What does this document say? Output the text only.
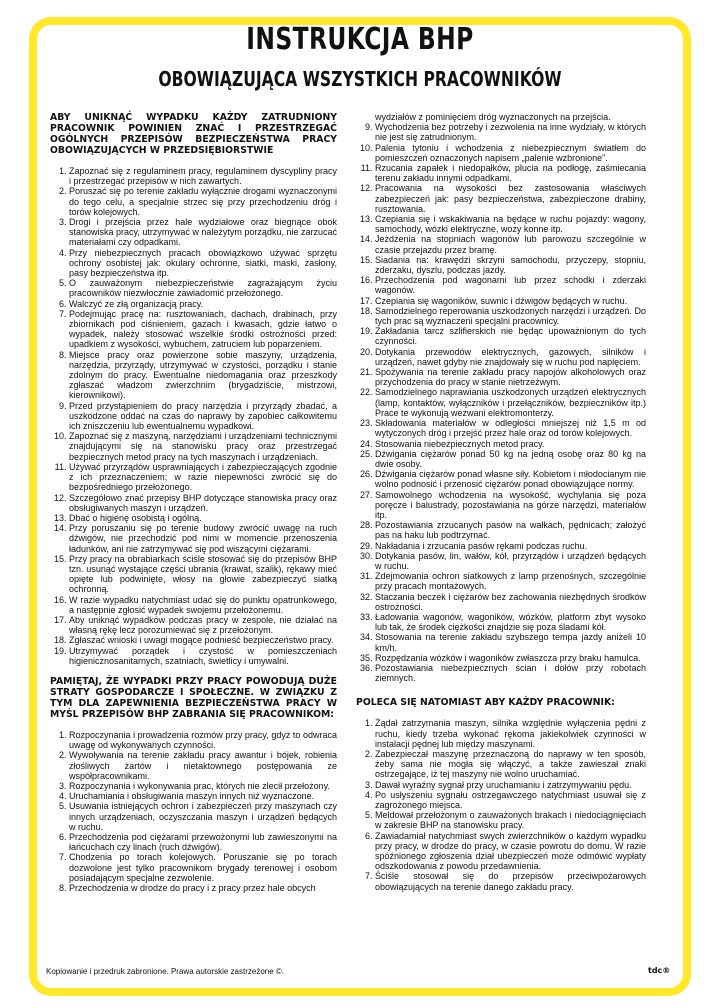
INSTRUKCJA BHP
OBOWIĄZUJĄCA WSZYSTKICH PRACOWNIKÓW
ABY UNIKNĄĆ WYPADKU KAŻDY ZATRUDNIONY PRACOWNIK POWINIEN ZNAĆ I PRZESTRZEGAĆ OGÓLNYCH PRZEPISÓW BEZPIECZEŃSTWA PRACY OBOWIĄZUJĄCYCH W PRZEDSIĘBIORSTWIE
1. Zapoznać się z regulaminem pracy, regulaminem dyscypliny pracy i przestrzegać przepisów w nich zawartych.
2. Poruszać się po terenie zakładu wyłącznie drogami wyznaczonymi do tego celu, a specjalnie strzec się przy przechodzeniu dróg i torów kolejowych.
3. Drogi i przejścia przez hale wydziałowe oraz biegnące obok stanowiska pracy, utrzymywać w należytym porządku, nie zarzucać materiałami czy odpadkami.
4. Przy niebezpiecznych pracach obowiązkowo używać sprzętu ochrony osobistej jak: okulary ochronne, siatki, maski, zasłony, pasy bezpieczeństwa itp.
5. O zauważonym niebezpieczeństwie zagrażającym życiu pracowników niezwłocznie zawiadomić przełożonego.
6. Walczyć ze złą organizacją pracy.
7. Podejmując pracę na: rusztowaniach, dachach, drabinach, przy zbiornikach pod ciśnieniem, gazach i kwasach, gdzie łatwo o wypadek, należy stosować wszelkie środki ostrożności przed: upadkiem z wysokości, wybuchem, zatruciem lub poparzeniem.
8. Miejsce pracy oraz powierzone sobie maszyny, urządzenia, narzędzia, przyrządy, utrzymywać w czystości, porządku i stanie zdolnym do pracy. Ewentualne niedomagania oraz przeszkody zgłaszać władzom zwierzchnim (brygadziście, mistrzowi, kierownikowi).
9. Przed przystąpieniem do pracy narzędzia i przyrządy zbadać, a uszkodzone oddać na czas do naprawy by zapobiec całkowitemu ich zniszczeniu lub ewentualnemu wypadkowi.
10. Zapoznać się z maszyną, narzędziami i urządzeniami technicznymi znajdującymi się na stanowisku pracy oraz przestrzegać bezpiecznych metod pracy na tych maszynach i urządzeniach.
11. Używać przyrządów usprawniających i zabezpieczających zgodnie z ich przeznaczeniem; w razie niepewności zwrócić się do bezpośredniego przełożonego.
12. Szczegółowo znać przepisy BHP dotyczące stanowiska pracy oraz obsługiwanych maszyn i urządzeń.
13. Dbać o higienę osobistą i ogólną.
14. Przy poruszaniu się po terenie budowy zwrócić uwagę na ruch dźwigów, nie przechodzić pod nimi w momencie przenoszenia ładunków, ani nie zatrzymywać się pod wiszącymi ciężarami.
15. Przy pracy na obrabiarkach ściśle stosować się do przepisów BHP tzn. usunąć wystające części ubrania (krawat, szalik), rękawy mieć opięte lub podwinięte, włosy na głowie zabezpieczyć siatką ochronną.
16. W razie wypadku natychmiast udać się do punktu opatrunkowego, a następnie zgłosić wypadek swojemu przełożonemu.
17. Aby uniknąć wypadków podczas pracy w zespole, nie działać na własną rękę lecz porozumiewać się z przełożonym.
18. Zgłaszać wnioski i uwagi mogące podnieść bezpieczeństwo pracy.
19. Utrzymywać porządek i czystość w pomieszczeniach higienicznosanitarnych, szatniach, świetlicy i umywalni.
PAMIĘTAJ, ŻE WYPADKI PRZY PRACY POWODUJĄ DUŻE STRATY GOSPODARCZE I SPOŁECZNE. W ZWIĄZKU Z TYM DLA ZAPEWNIENIA BEZPIECZEŃSTWA PRACY W MYŚL PRZEPISÓW BHP ZABRANIA SIĘ PRACOWNIKOM:
1. Rozpoczynania i prowadzenia rozmów przy pracy, gdyż to odwraca uwagę od wykonywanych czynności.
2. Wywoływania na terenie zakładu pracy awantur i bójek, robienia złośliwych żartów i nietaktownego postępowania ze współpracownikami.
3. Rozpoczynania i wykonywania prac, których nie zlecił przełożony.
4. Uruchamiania i obsługiwania maszyn innych niż wyznaczone.
5. Usuwania istniejących ochron i zabezpieczeń przy maszynach czy innych urządzeniach, oczyszczania maszyn i urządzeń będących w ruchu.
6. Przechodzenia pod ciężarami przewożonymi lub zawieszonymi na łańcuchach czy linach (ruch dźwigów).
7. Chodzenia po torach kolejowych. Poruszanie się po torach dozwolone jest tylko pracownikom brygady terenowej i osobom posiadającym specjalne zezwolenie.
8. Przechodzenia w drodze do pracy i z pracy przez hale obcych
wydziałów z pominięciem dróg wyznaczonych na przejścia.
9. Wychodzenia bez potrzeby i zezwolenia na inne wydziały, w których nie jest się zatrudnionym.
10. Palenia tytoniu i wchodzenia z niebezpiecznym światłem do pomieszczeń oznaczonych napisem „palenie wzbronione”.
11. Rzucania zapałek i niedopałków, plucia na podłogę, zaśmiecania terenu zakładu innymi odpadkami.
12. Pracowania na wysokości bez zastosowania właściwych zabezpieczeń jak: pasy bezpieczeństwa, zabezpieczone drabiny, rusztowania.
13. Czepiania się i wskakiwania na będące w ruchu pojazdy: wagony, samochody, wózki elektryczne, wozy konne itp.
14. Jeżdżenia na stopniach wagonów lub parowozu szczególnie w czasie przejazdu przez bramę.
15. Siadania na: krawędzi skrzyni samochodu, przyczepy, stopniu, zderzaku, dyszlu, podczas jazdy.
16. Przechodzenia pod wagonami lub przez schodki i zderzaki wagonów.
17. Czepiania się wagoników, suwnic i dźwigów będących w ruchu.
18. Samodzielnego reperowania uszkodzonych narzędzi i urządzeń. Do tych prac są wyznaczeni specjalni pracownicy.
19. Zakładania tarcz szlifierskich nie będąc upoważnionym do tych czynności.
20. Dotykania przewodów elektrycznych, gazowych, silników i urządzeń, nawet gdyby nie znajdowały się w ruchu pod napięciem.
21. Spożywania na terenie zakładu pracy napojów alkoholowych oraz przychodzenia do pracy w stanie nietrzeźwym.
22. Samodzielnego naprawiania uszkodzonych urządzeń elektrycznych (lamp, kontaktów, wyłączników i przełączników, bezpieczników itp.) Prace te wykonują wezwani elektromonterzy.
23. Składowania materiałów w odległości mniejszej niż 1,5 m od wytyczonych dróg i przejść przez hale oraz od torów kolejowych.
24. Stosowania niebezpiecznych metod pracy.
25. Dźwigania ciężarów ponad 50 kg na jedną osobę oraz 80 kg na dwie osoby.
26. Dźwigania ciężarów ponad własne siły. Kobietom i młodocianym nie wolno podnosić i przenosić ciężarów ponad obowiązujące normy.
27. Samowolnego wchodzenia na wysokość, wychylania się poza poręcze i balustrady, pozostawiania na górze narzędzi, materiałów itp.
28. Pozostawiania zrzucanych pasów na wałkach, pędnicach; założyć pas na haku lub podtrzymać.
29. Nakładania i zrzucania pasów rękami podczas ruchu.
30. Dotykania pasów, lin, wałów, kół, przyrządów i urządzeń będących w ruchu.
31. Zdejmowania ochron siatkowych z lamp przenośnych, szczególnie przy pracach montażowych.
32. Staczania beczek i ciężarów bez zachowania niezbędnych środków ostrożności.
33. Ładowania wagonów, wagoników, wózków, platform zbyt wysoko lub tak, że środek ciężkości znajdzie się poza śladami kół.
34. Stosowania na terenie zakładu szybszego tempa jazdy aniżeli 10 km/h.
35. Rozpędzania wózków i wagoników zwłaszcza przy braku hamulca.
36. Pozostawiania niebezpiecznych ścian i dołów przy robotach ziemnych.
POLECA SIĘ NATOMIAST ABY KAŻDY PRACOWNIK:
1. Żądał zatrzymania maszyn, silnika względnie wyłączenia pędni z ruchu, kiedy trzeba wykonać rękoma jakiekolwiek czynności w instalacji pędnej lub między maszynami.
2. Zabezpieczał maszynę przeznaczoną do naprawy w ten sposób, żeby sama nie mogła się włączyć, a także zawieszał znaki ostrzegające, iż tej maszyny nie wolno uruchamiać.
3. Dawał wyraźny sygnał przy uruchamianiu i zatrzymywaniu pędu.
4. Po usłyszeniu sygnału ostrzegawczego natychmiast usuwał się z zagrożonego miejsca.
5. Meldował przełożonym o zauważonych brakach i niedociągnięciach w zakresie BHP na stanowisku pracy.
6. Zawiadamiał natychmiast swych zwierzchników o każdym wypadku przy pracy, w drodze do pracy, w czasie powrotu do domu. W razie spóźnionego zgłoszenia dział ubezpieczeń może odmówić wypłaty odszkodowania z powodu przedawnienia.
7. Ściśle stosował się do przepisów przeciwpożarowych obowiązujących na terenie danego zakładu pracy.
Kopiowanie i przedruk zabronione. Prawa autorskie zastrzeżone ©.	tdc®
